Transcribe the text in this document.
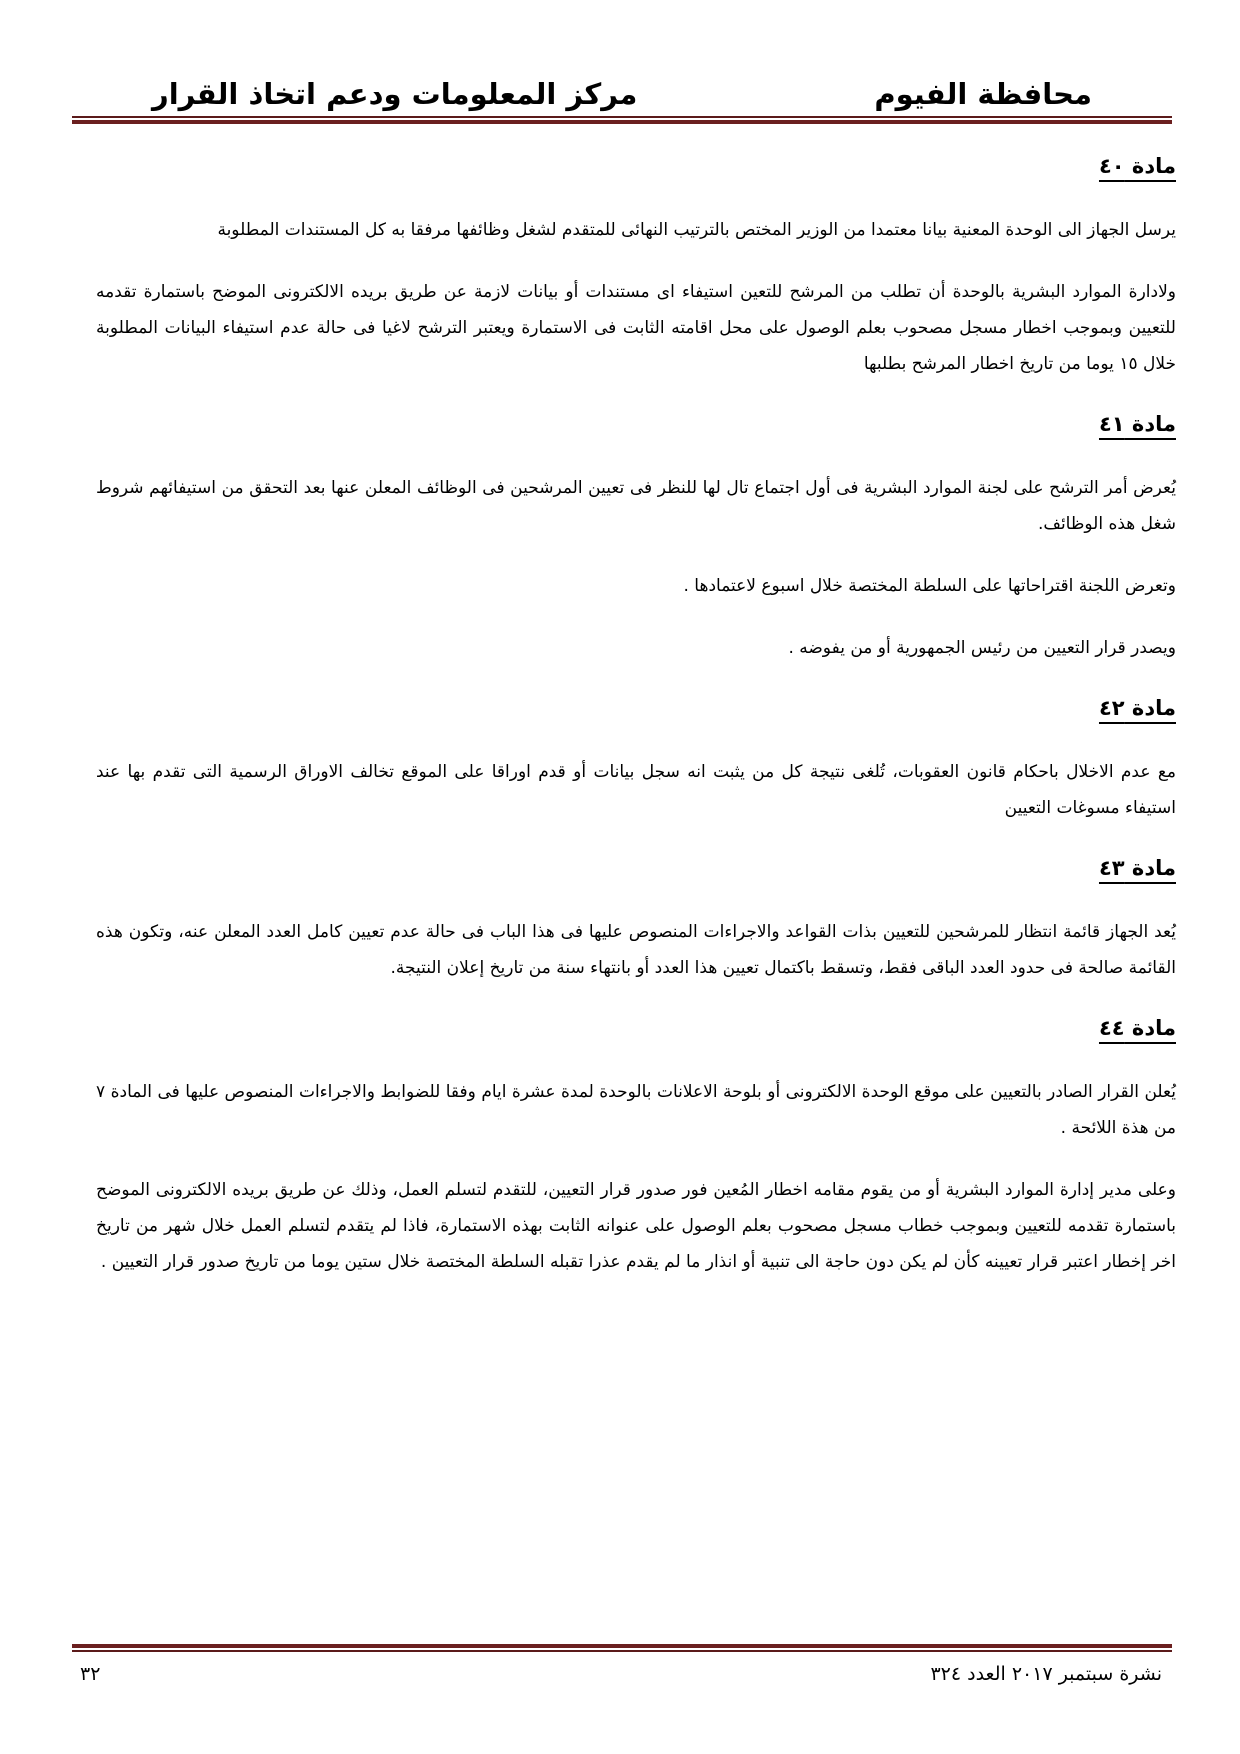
محافظة الفيوم
مركز المعلومات ودعم اتخاذ القرار
مادة ٤٠

يرسل الجهاز الى الوحدة المعنية بيانا معتمدا من الوزير المختص بالترتيب النهائى للمتقدم لشغل وظائفها مرفقا به كل المستندات المطلوبة

ولادارة الموارد البشرية بالوحدة أن تطلب من المرشح للتعين استيفاء اى مستندات أو بيانات لازمة عن طريق بريده الالكترونى الموضح باستمارة تقدمه للتعيين وبموجب اخطار مسجل مصحوب بعلم الوصول على محل اقامته الثابت فى الاستمارة ويعتبر الترشح لاغيا فى حالة عدم استيفاء البيانات المطلوبة خلال ١٥ يوما من تاريخ اخطار المرشح بطلبها

مادة ٤١

يُعرض أمر الترشح على لجنة الموارد البشرية فى أول اجتماع تال لها للنظر فى تعيين المرشحين فى الوظائف المعلن عنها بعد التحقق من استيفائهم شروط شغل هذه الوظائف.

وتعرض اللجنة اقتراحاتها على السلطة المختصة خلال اسبوع لاعتمادها .

ويصدر قرار التعيين من رئيس الجمهورية أو من يفوضه .

مادة ٤٢

مع عدم الاخلال باحكام قانون العقوبات، تُلغى نتيجة كل من يثبت انه سجل بيانات أو قدم اوراقا على الموقع تخالف الاوراق الرسمية التى تقدم بها عند استيفاء مسوغات التعيين

مادة ٤٣

يُعد الجهاز قائمة انتظار للمرشحين للتعيين بذات القواعد والاجراءات المنصوص عليها فى هذا الباب فى حالة عدم تعيين كامل العدد المعلن عنه، وتكون هذه القائمة صالحة فى حدود العدد الباقى فقط، وتسقط باكتمال تعيين هذا العدد أو بانتهاء سنة من تاريخ إعلان النتيجة.

مادة ٤٤

يُعلن القرار الصادر بالتعيين على موقع الوحدة الالكترونى أو بلوحة الاعلانات بالوحدة لمدة عشرة ايام وفقا للضوابط والاجراءات المنصوص عليها فى المادة ٧ من هذة اللائحة .

وعلى مدير إدارة الموارد البشرية أو من يقوم مقامه اخطار المُعين فور صدور قرار التعيين، للتقدم لتسلم العمل، وذلك عن طريق بريده الالكترونى الموضح باستمارة تقدمه للتعيين وبموجب خطاب مسجل مصحوب بعلم الوصول على عنوانه الثابت بهذه الاستمارة، فاذا لم يتقدم لتسلم العمل خلال شهر من تاريخ اخر إخطار اعتبر قرار تعيينه كأن لم يكن دون حاجة الى تنبية أو انذار ما لم يقدم عذرا تقبله السلطة المختصة خلال ستين يوما من تاريخ صدور قرار التعيين .

نشرة سبتمبر ٢٠١٧ العدد ٣٢٤
٣٢
